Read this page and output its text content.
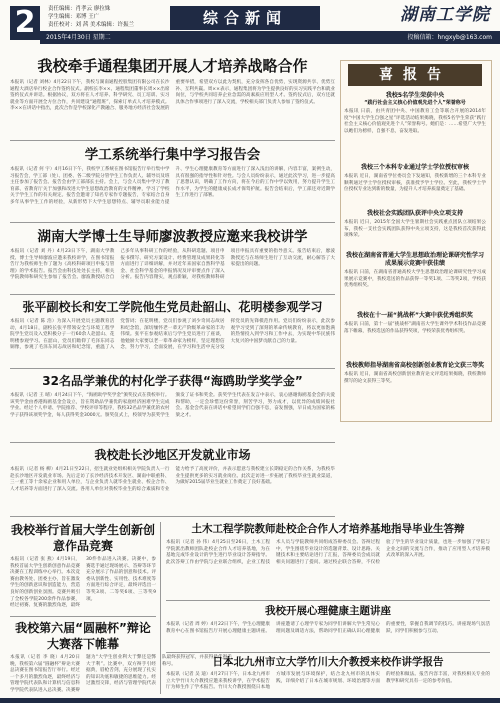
2	责任编辑：肖孝云 廖拉姝
学生编辑：邓博 王广
责任校对：刘 茜 美术编辑：许振兰	综合新闻	湖南工学院
2015年4月30日 星期二	投稿信箱：hngxyb@163.com
我校牵手通程集团开展人才培养战略合作
本报讯（记者 刘林）4月22日下午，我校与湖南通程控股集团有限公司在长沙通程大酒店举行校企合作签约仪式。副校长李××、通程集团董事长周××出席签约仪式并讲话。根据协议，双方将在人才培养、科学研究、员工培训、实习就业等方面开展全方位合作，共同建设“通程班”，探索订单式人才培养模式。李××在讲话中指出，此次合作是学校深化产教融合、服务地方经济社会发展的重要举措，希望双方以此为契机，充分发挥各自优势，实现资源共享、优势互补、互利共赢。周××表示，通程集团将为学生提供良好的实习实践平台和就业岗位，与学校共同培养企业急需的高素质应用型人才。签约仪式后，双方还就具体合作事项进行了深入交流，学校相关部门负责人参加了签约仪式。
学工系统举行集中学习报告会
本报讯（记者 何 宇）4月16日下午，我校学工系统在图书馆报告厅举行集中学习报告会，学工部（处）、团委、各二级学院分管学生工作负责人、辅导员及班主任参加了报告会。报告会由学工部部长主持。会上，与会人员集中学习了教育部、省教育厅关于加强和改进大学生思想政治教育的文件精神，学习了学校关于学生工作的有关规定。报告会邀请了知名专家作专题报告，专家结合自身多年从事学生工作的经验，从新形势下大学生思想特点、辅导员职业能力提升、学生心理健康教育等方面进行了深入浅出的讲解，内容丰富，案例生动，具有很强的指导性和针对性。与会人员纷纷表示，通过此次学习，进一步提高了思想认识，明确了工作方向，将在今后的工作中学以致用，努力提升学生工作水平，为学生的健康成长成才保驾护航。报告会结束后，学工部还对近期学生工作进行了部署。
湖南大学博士生导师廖波教授应邀来我校讲学
本报讯（记者 刘 丹）4月23日下午，湖南大学教授、博士生导师廖波应邀来我校讲学，在图书馆报告厅为我校师生作了题为《高校科研项目申报与管理》的学术报告。报告会由科技处处长主持，相关学院教师和研究生参加了报告会。廖波教授结合自己多年从事科研工作的经验，从科研选题、项目申报书撰写、研究方案设计、经费管理及成果转化等方面进行了详细讲解，并对近年来国家自然科学基金、社会科学基金的申报情况及评审要点作了深入分析。报告内容翔实，观点新颖，对我校教师科研项目申报具有重要的指导意义。报告结束后，廖波教授还与在场师生进行了互动交流，耐心解答了大家提出的问题。
张平副校长和安工学院他生党员赴韶山、花明楼参观学习
本报讯（记者 陈 浩）为深入开展党员主题教育活动，4月18日，副校长张平带领安全与环境工程学院学生党员及入党积极分子一行60余人赴韶山、花明楼参观学习。在韶山，党员们瞻仰了毛泽东同志铜像，参观了毛泽东同志故居和纪念馆，重温了入党誓词；在花明楼，党员们参观了刘少奇同志故居和纪念馆，深切缅怀老一辈无产阶级革命家的丰功伟绩。张平在参观结束后与学生党员进行了座谈，他勉励大家要以老一辈革命家为榜样，坚定理想信念，努力学习，全面发展，在学习和生活中充分发挥党员的先锋模范作用。党员们纷纷表示，此次参观学习受到了深刻的革命传统教育，将以更加饱满的热情投入到学习和工作中去，为实现中华民族伟大复兴的中国梦贡献自己的力量。
32名品学兼优的村化学子获得“海鸥助学奖学金”
本报讯（记者 王 晴）4月24日下午，“海鸥助学奖学金”颁奖仪式在我校举行。该奖学金由香港海鸥基金会设立，旨在资助品学兼优的家庭经济困难学生完成学业。经过个人申请、学院推荐、学校评审等程序，我校32名品学兼优的农村学子获得该项奖学金，每人获得奖金3000元。颁奖仪式上，校领导为获奖学生颁发了证书和奖金。获奖学生代表在发言中表示，衷心感谢海鸥基金会的关爱和帮助，一定会珍惜这份荣誉，刻苦学习，努力成才，以优异的成绩回报社会。基金会代表在讲话中希望同学们自强不息，奋发图强，早日成为国家的栋梁之才。
我校赴长沙地区开发就业市场
本报讯（记者 杨 柳）4月21日至22日，招生就业处组织相关学院负责人一行赴长沙地区开发就业市场。先后走访了长沙经济技术开发区、湖南中联重科、三一重工等十余家企业和用人单位，与企业负责人就毕业生就业、校企合作、人才培养等方面进行了深入交流。各用人单位对我校毕业生的综合素质和专业能力给予了高度评价，并表示愿意与我校建立长期稳定的合作关系，为我校毕业生提供更多的实习就业岗位。此次走访进一步拓展了我校毕业生就业渠道，为做好2015届毕业生就业工作奠定了良好基础。
喜报告
我校5名学生荣获中央
“践行社会主义核心价值观先进个人”荣誉称号
本报讯 日前，由共青团中央、中国教育工会等联合开展的2014年度“中国大学生自强之星”评选活动结果揭晓，我校5名学生荣获“践行社会主义核心价值观先进个人”荣誉称号。她们是：……希望广大学生以她们为榜样，自强不息，奋发进取。
我校三个本科专业通过学士学位授权审核
本报讯 近日，湖南省学位委员会下发通知，我校新增的三个本科专业顺利通过学士学位授权审核，获准授予学士学位。至此，我校学士学位授权专业达到新的数量，为提升人才培养质量奠定了基础。
我校社会实践团队获评中央立项支持
本报讯 近日，2015年全国大学生暑期社会实践重点团队立项结果公布，我校一支社会实践团队获得中央立项支持，这是我校首次获得此项殊荣。
我校在湖南省普通大学生思想政治理论课研究性学习成果展示竞赛中获佳绩
本报讯 日前，在湖南省普通高校大学生思想政治理论课研究性学习成果展示竞赛中，我校选送的作品获得一等奖1项、二等奖2项，学校获优秀组织奖。
我校在十一届“挑战杯”大赛中获优秀组织奖
本报讯 日前，第十一届“挑战杯”湖南省大学生课外学术科技作品竞赛落下帷幕，我校选送的作品获得奖项，学校荣获优秀组织奖。
我校教师指导湖南省高校创新创业教育论文获三等奖
本报讯 近日，湖南省高校创新创业教育论文评选结果揭晓，我校教师撰写的论文获得三等奖。
我校举行首届大学生创新创意作品竞赛
本报讯（记者 张 燕）4月19日，我校首届大学生创新创意作品竞赛决赛在工程训练中心举行。本次竞赛由教务处、团委主办，旨在激发学生的创新意识和创造能力，营造良好的创新创业氛围。竞赛共吸引了全校各学院200余件作品参赛，经过初赛、复赛的激烈角逐，最终30件作品进入决赛。决赛中，参赛选手通过现场展示、答辩等环节充分展示了作品的创意和技术。评委从创新性、实用性、技术难度等方面进行综合评定，最终评选出一等奖3项、二等奖6项、三等奖9项。
我校第六届“圆融杯”辩论大赛落下帷幕
本报讯（记者 李 晓）4月20日晚，我校第六届“圆融杯”辩论大赛总决赛在图书馆报告厅举行。经过一个多月的激烈角逐，最终经济与管理学院代表队和计算机与信息科学学院代表队进入总决赛。决赛辩题为“大学生创业利大于弊还是弊大于利”。比赛中，双方辩手引经据典，唇枪舌剑，充分展现了扎实的知识功底和敏捷的思维能力。经过激烈交锋，经济与管理学院代表队最终获得冠军，并获得最佳辩手称号。
土木工程学院教师赴校企合作人才培养基地指导毕业生答辩
本报讯（记者 孙 伟）4月25日至26日，土木工程学院派出教师团队赴校企合作人才培养基地，为在基地完成毕业设计的学生进行毕业设计答辩指导。此次答辩工作由学院与企业联合组织，企业工程技术人员与学院教师共同组成答辩委员会。答辩过程中，学生围绕毕业设计的选题背景、设计思路、关键技术和主要结论进行了汇报，答辩委员会成员就相关问题进行了提问。通过校企联合答辩，不仅检验了学生的毕业设计质量，也进一步加强了学院与企业之间的交流与合作，推动了应用型人才培养模式改革的深入开展。
我校开展心理健康主题讲座
本报讯（记者 周 婷）4月22日下午，学生心理健康教育中心在图书馆报告厅开展心理健康主题讲座。讲座邀请了心理学专家为同学们讲解大学生常见心理问题及调适方法，帮助同学们正确认识心理健康的重要性，掌握自我调节的技巧。讲座现场气氛活跃，同学们积极参与互动。
日本北九州市立大学竹川大介教授来校作讲学报告
本报讯（记者 吴 迪）4月27日下午，日本北九州市立大学竹川大介教授应邀来我校讲学，在学术报告厅为师生作了学术报告。竹川大介教授围绕日本地方城市发展与环境保护，结合北九州市的具体实践，详细介绍了日本在城市规划、环境治理等方面的经验和做法。报告内容丰富，对我校相关专业的教学和研究具有一定的参考价值。
